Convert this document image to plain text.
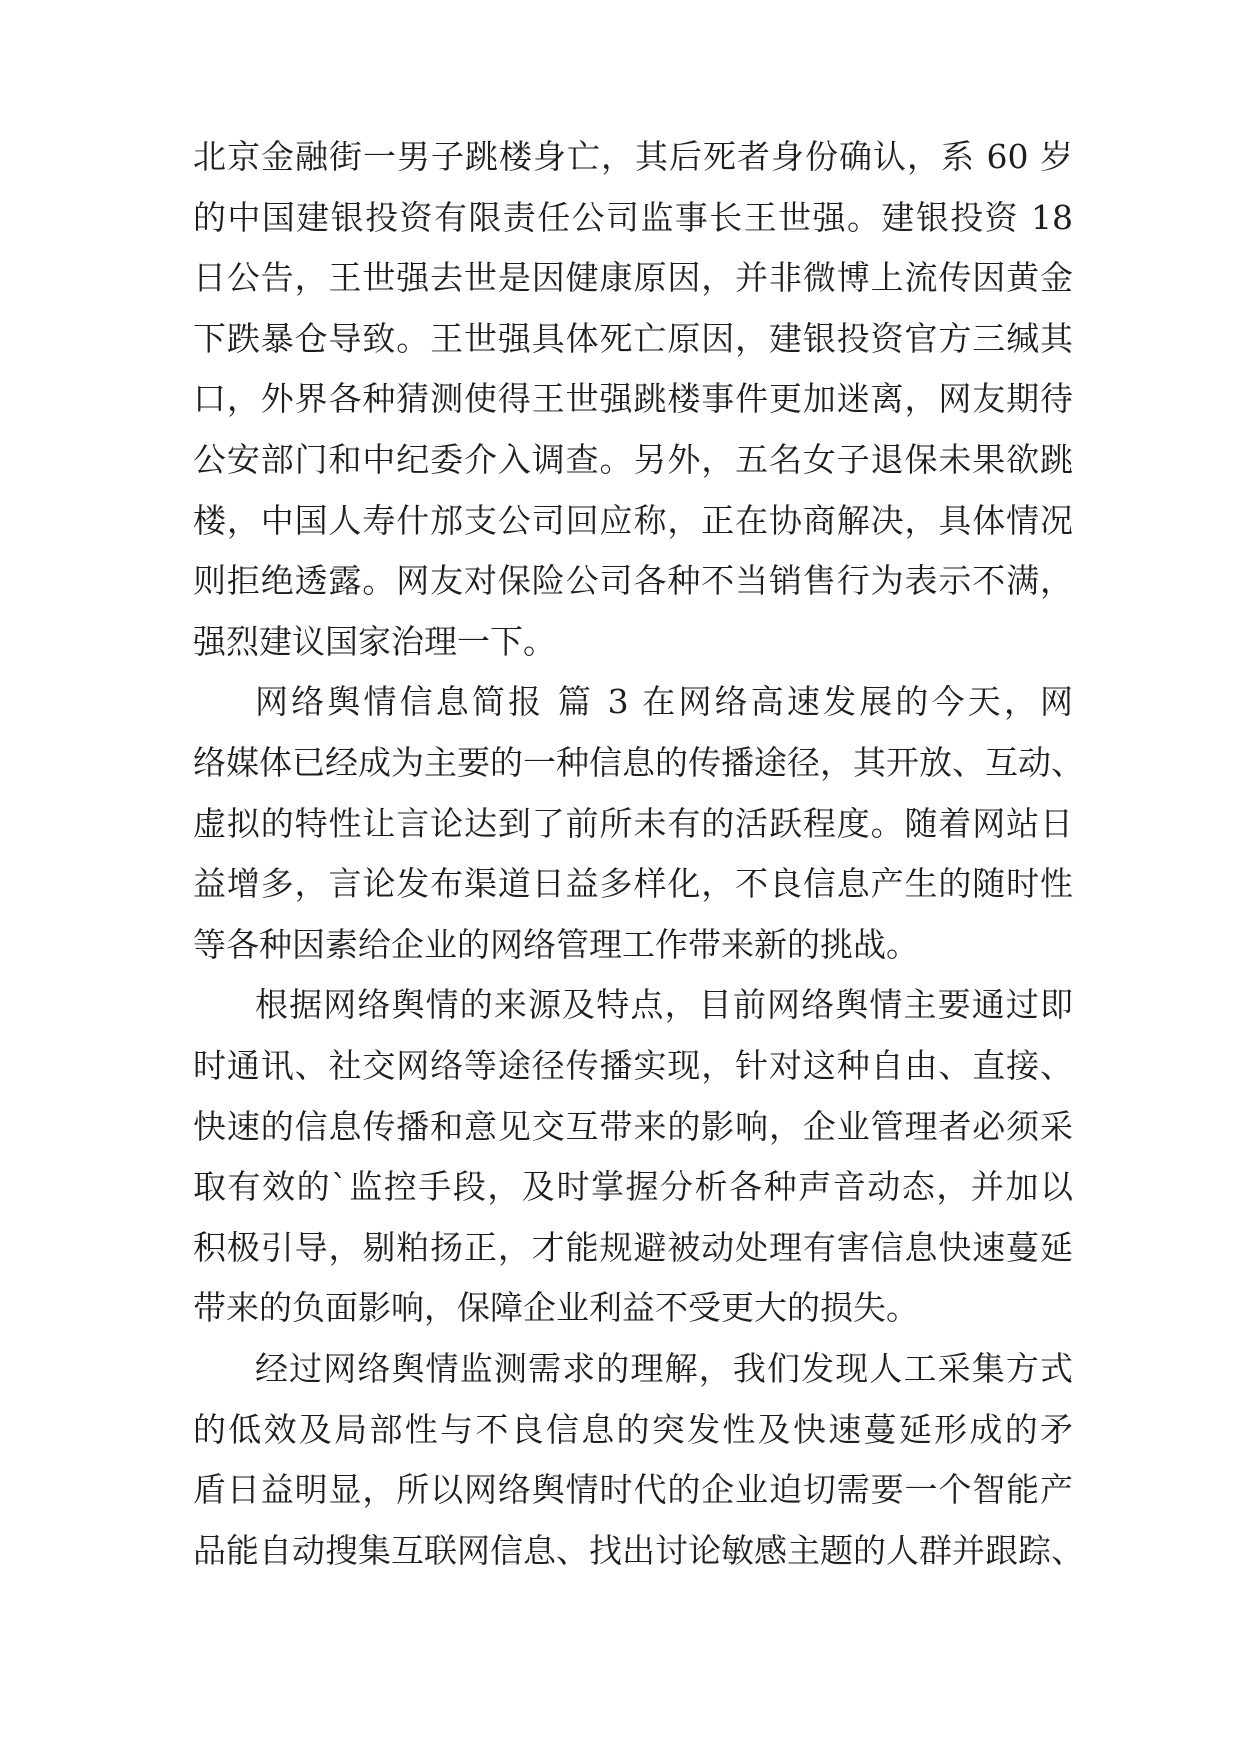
北京金融街一男子跳楼身亡，其后死者身份确认，系 60 岁
的中国建银投资有限责任公司监事长王世强。建银投资 18
日公告，王世强去世是因健康原因，并非微博上流传因黄金
下跌暴仓导致。王世强具体死亡原因，建银投资官方三缄其
口，外界各种猜测使得王世强跳楼事件更加迷离，网友期待
公安部门和中纪委介入调查。另外，五名女子退保未果欲跳
楼，中国人寿什邡支公司回应称，正在协商解决，具体情况
则拒绝透露。网友对保险公司各种不当销售行为表示不满，
强烈建议国家治理一下。
网络舆情信息简报 篇 3 在网络高速发展的今天，网
络媒体已经成为主要的一种信息的传播途径，其开放、互动、
虚拟的特性让言论达到了前所未有的活跃程度。随着网站日
益增多，言论发布渠道日益多样化，不良信息产生的随时性
等各种因素给企业的网络管理工作带来新的挑战。
根据网络舆情的来源及特点，目前网络舆情主要通过即
时通讯、社交网络等途径传播实现，针对这种自由、直接、
快速的信息传播和意见交互带来的影响，企业管理者必须采
取有效的`监控手段，及时掌握分析各种声音动态，并加以
积极引导，剔粕扬正，才能规避被动处理有害信息快速蔓延
带来的负面影响，保障企业利益不受更大的损失。
经过网络舆情监测需求的理解，我们发现人工采集方式
的低效及局部性与不良信息的突发性及快速蔓延形成的矛
盾日益明显，所以网络舆情时代的企业迫切需要一个智能产
品能自动搜集互联网信息、找出讨论敏感主题的人群并跟踪、
